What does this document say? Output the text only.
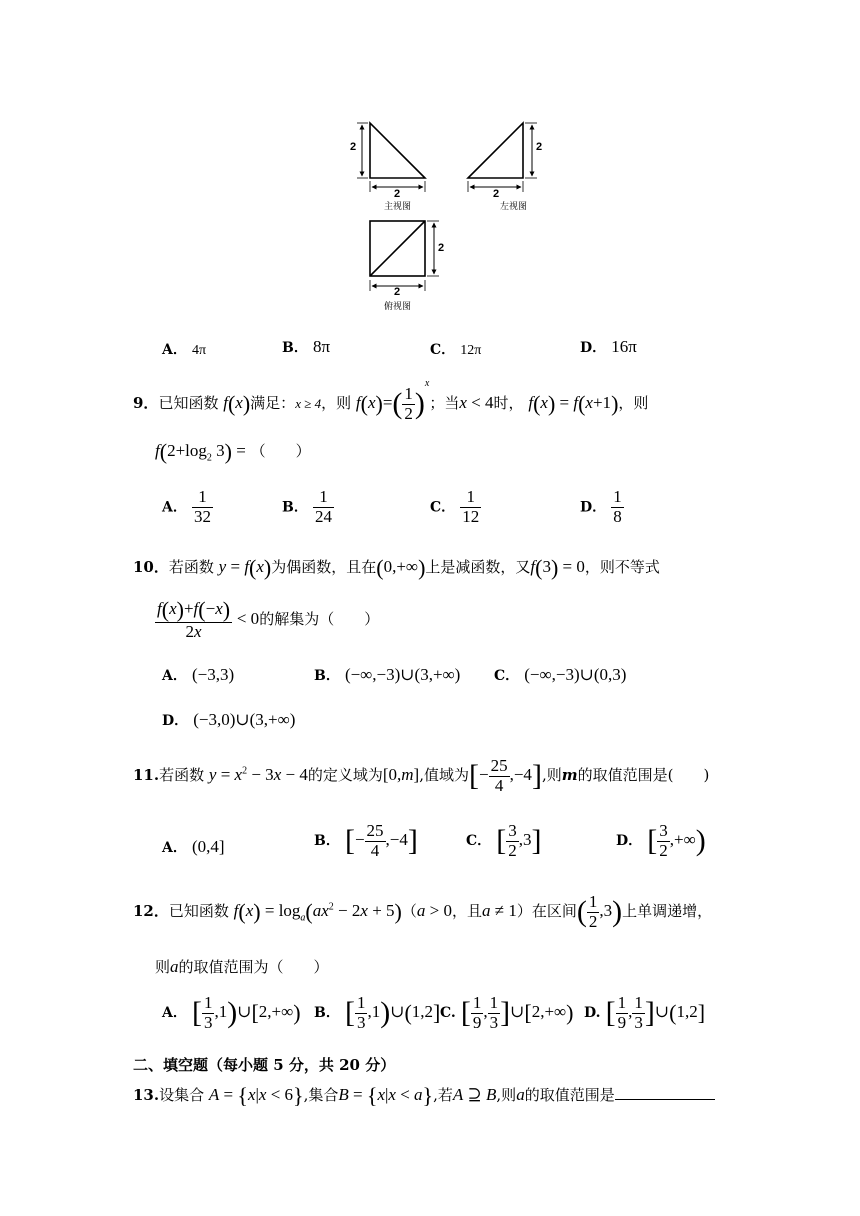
2
2
主视图
2
2
左视图
2
2
俯视图
A． 4π	B． 8π	C． 12π	D． 16π
9．已知函数 f(x)满足：x ≥ 4，则 $f(x)=( \frac{1}{2} )^x$；当x < 4时， f(x) = f(x+1)，则
$f(2+\log_2$ 3) = （　　）
A． $\frac{1}{32}$	B． $\frac{1}{24}$	C． $\frac{1}{12}$	D． $\frac{1}{8}$
10．若函数 y = f(x)为偶函数，且在(0,+∞)上是减函数，又f(3) = 0，则不等式
$\frac{f(x)+f(-x)}{2x} < 0$的解集为（　　）
A． (−3,3)	B． (−∞,−3)∪(3,+∞) C． (−∞,−3)∪(0,3)
D． (−3,0)∪(3,+∞)
11.若函数 $y = x^2 - 3x - 4$的定义域为[0,m],值域为[− $\frac{25}{4} ,-4$],则m的取值范围是(　　)
A． (0,4]	B． [− $\frac{25}{4} ,-4$]	C． [ $\frac{3}{2} ,3$]	D． [ $\frac{3}{2}$ ,+∞)
12．已知函数 $f(x) = \log_a(ax^2 - 2x + 5)(a > 0$，且a ≠ 1）在区间( $\frac{1}{2} ,3$)上单调递增，
则a的取值范围为（　　）
A． [ $\frac{1}{3}$ ,1)∪[2,+∞) B． [ $\frac{1}{3}$ ,1)∪(1,2] C. [ $\frac{1}{9}$ , $\frac{1}{3}$ ]∪[2,+∞) D. [ $\frac{1}{9}$ , $\frac{1}{3}$ ]∪(1,2]
二、填空题（每小题 5 分，共 20 分）
13.设集合 A = {x|x < 6},集合B = {x|x < a},若A ⊇ B,则a的取值范围是
